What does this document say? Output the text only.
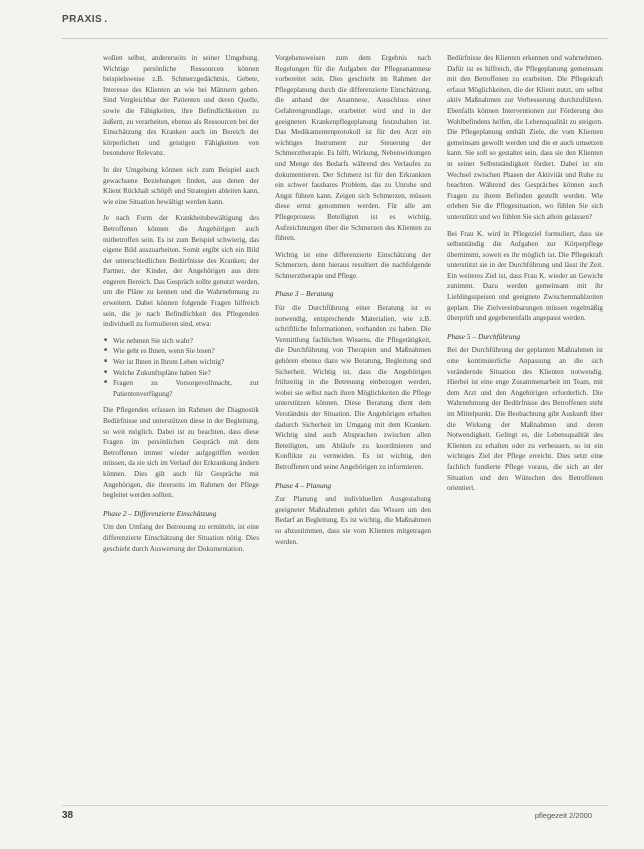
PRAXIS .

wollen selbst, andererseits in seiner Umgebung. Wichtige persönliche Ressourcen können beispielsweise z.B. Schmerzgedächtnis, Gebete, Interesse des Klienten an wie bei Männern gehen. Sind Vergleichbar der Patienten und deren Quelle, sowie die Fähigkeiten, ihre Befindlichkeiten zu äußern, zu verarbeiten, ebenso als Ressourcen bei der Einschätzung des Kranken auch im Bereich der körperlichen und geistigen Fähigkeiten von besonderer Relevanz.

In der Umgebung können sich zum Beispiel auch gewachsene Beziehungen finden, aus denen der Klient Rückhalt schöpft und Strategien ableiten kann, wie eine Situation bewältigt werden kann.

Je nach Form der Krankheitsbewältigung des Betroffenen können die Angehörigen auch mitbetroffen sein. Es ist zum Beispiel schwierig, das eigene Bild auszuarbeiten. Somit ergibt sich ein Bild der unterschiedlichen Bedürfnisse des Kranken; der Partner, der Kinder, der Angehörigen aus dem engeren Bereich. Das Gespräch sollte genutzt werden, um die Pläne zu kennen und die Wahrnehmung zu erweitern. Dabei können folgende Fragen hilfreich sein, die je nach Befindlichkeit des Pflegenden individuell zu formulieren sind, etwa:

■ Wie nehmen Sie sich wahr?
■ Wie geht es Ihnen, wenn Sie lesen?
■ Wer ist Ihnen in Ihrem Leben wichtig?
■ Welche Zukunftspläne haben Sie?
■ Fragen zu Vorsorgevollmacht, zur Patientenverfügung?

Die Pflegenden erfassen im Rahmen der Diagnostik Bedürfnisse und unterstützen diese in der Begleitung, so weit möglich. Dabei ist zu beachten, dass diese Fragen im persönlichen Gespräch mit dem Betroffenen immer wieder aufgegriffen werden müssen, da sie sich im Verlauf der Erkrankung ändern können. Dies gilt auch für Gespräche mit Angehörigen, die ihrerseits im Rahmen der Pflege begleitet werden sollten.

Phase 2 – Differenzierte Einschätzung

Um den Umfang der Betreuung zu ermitteln, ist eine differenzierte Einschätzung der Situation nötig. Dies geschieht durch Auswertung der Dokumentation.

Vorgehensweisen zum dem Ergebnis nach Regelungen für die Aufgaben der Pflegeanamnese vorbereitet sein. Dies geschieht im Rahmen der Pflegeplanung durch die differenzierte Einschätzung, die anhand der Anamnese, Ausschluss einer Gefahrengrundlage, erarbeitet wird und in der geeigneten Krankenpflegeplanung festzuhalten ist. Das Medikamentenprotokoll ist für den Arzt ein wichtiges Instrument zur Steuerung der Schmerztherapie. Es hilft, Wirkung, Nebenwirkungen und Menge des Bedarfs während des Verlaufes zu dokumentieren. Der Schmerz ist für den Erkrankten ein schwer fassbares Problem, das zu Unruhe und Angst führen kann. Zeigen sich Schmerzen, müssen diese ernst genommen werden. Für alle am Pflegeprozess Beteiligten ist es wichtig, Aufzeichnungen über die Schmerzen des Klienten zu führen.

Wichtig ist eine differenzierte Einschätzung der Schmerzen, denn hieraus resultiert die nachfolgende Schmerztherapie und Pflege.

Phase 3 – Beratung

Für die Durchführung einer Beratung ist es notwendig, entsprechende Materialien, wie z.B. schriftliche Informationen, vorhanden zu haben. Die Vermittlung fachlichen Wissens, die Pflegetätigkeit, die Durchführung von Therapien und Maßnahmen gehören ebenso dazu wie Beratung, Begleitung und Sicherheit. Wichtig ist, dass die Angehörigen frühzeitig in die Betreuung einbezogen werden, wobei sie selbst nach ihren Möglichkeiten die Pflege unterstützen können. Diese Beratung dient dem Verständnis der Situation. Die Angehörigen erhalten dadurch Sicherheit im Umgang mit dem Kranken. Wichtig sind auch Absprachen zwischen allen Beteiligten, um Abläufe zu koordinieren und Konflikte zu vermeiden. Es ist wichtig, den Betroffenen und seine Angehörigen zu informieren.

Phase 4 – Planung

Zur Planung und individuellen Ausgestaltung geeigneter Maßnahmen gehört das Wissen um den Bedarf an Begleitung. Es ist wichtig, die Maßnahmen so abzustimmen, dass sie vom Klienten mitgetragen werden.

Bedürfnisse des Klienten erkennen und wahrnehmen. Dafür ist es hilfreich, die Pflegeplanung gemeinsam mit den Betroffenen zu erarbeiten. Die Pflegekraft erfasst Möglichkeiten, die der Klient nutzt, um selbst aktiv Maßnahmen zur Verbesserung durchzuführen. Ebenfalls können Interventionen zur Förderung des Wohlbefindens helfen, die Lebensqualität zu steigern. Die Pflegeplanung enthält Ziele, die vom Klienten gemeinsam gewollt werden und die er auch umsetzen kann. Sie soll so gestaltet sein, dass sie den Klienten in seiner Selbstständigkeit fördert. Dabei ist ein Wechsel zwischen Phasen der Aktivität und Ruhe zu beachten. Während des Gespräches können auch Fragen zu ihrem Befinden gestellt werden. Wie erleben Sie die Pflegesituation, wo fühlen Sie sich unterstützt und wo fühlen Sie sich allein gelassen?

Bei Frau K. wird in Pflegeziel formuliert, dass sie selbstständig die Aufgaben zur Körperpflege übernimmt, soweit es ihr möglich ist. Die Pflegekraft unterstützt sie in der Durchführung und lässt ihr Zeit. Ein weiteres Ziel ist, dass Frau K. wieder an Gewicht zunimmt. Dazu werden gemeinsam mit ihr Lieblingsspeisen und geeignete Zwischenmahlzeiten geplant. Die Zielvereinbarungen müssen regelmäßig überprüft und gegebenenfalls angepasst werden.

Phase 5 – Durchführung

Bei der Durchführung der geplanten Maßnahmen ist eine kontinuierliche Anpassung an die sich verändernde Situation des Klienten notwendig. Hierbei ist eine enge Zusammenarbeit im Team, mit dem Arzt und den Angehörigen erforderlich. Die Wahrnehmung der Bedürfnisse des Betroffenen steht im Mittelpunkt. Die Beobachtung gibt Auskunft über die Wirkung der Maßnahmen und deren Notwendigkeit. Gelingt es, die Lebensqualität des Klienten zu erhalten oder zu verbessern, so ist ein wichtiges Ziel der Pflege erreicht. Dies setzt eine fachlich fundierte Pflege voraus, die sich an der Situation und den Wünschen des Betroffenen orientiert.

38	pflegezeit 2/2000
